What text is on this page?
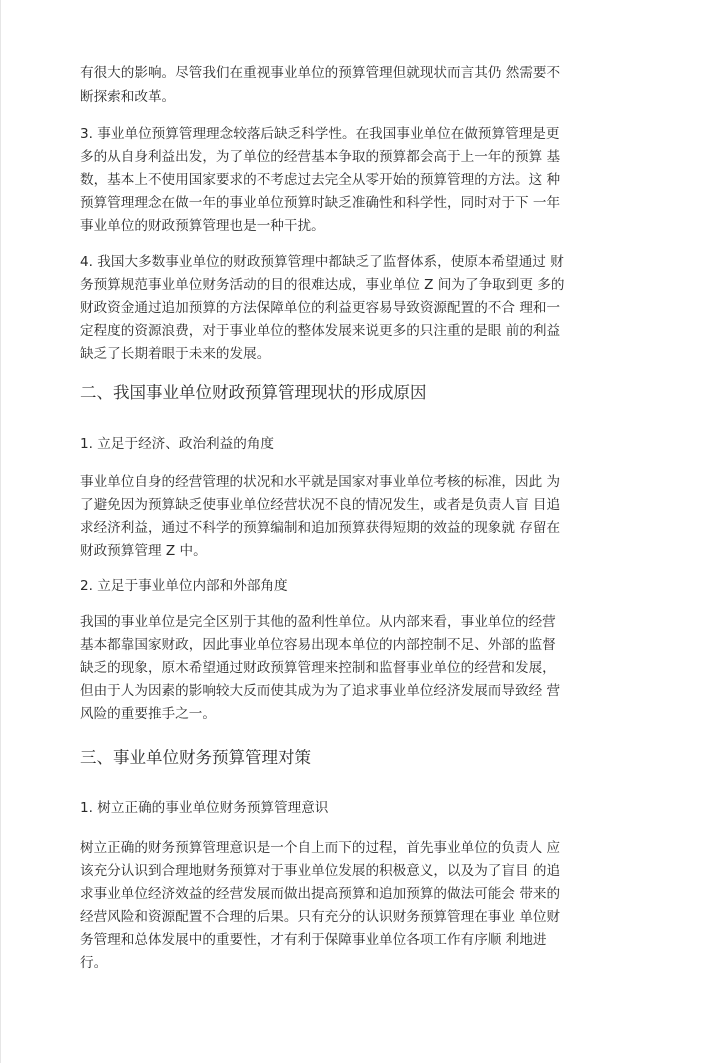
有很大的影响。尽管我们在重视事业单位的预算管理但就现状而言其仍 然需要不
断探索和改革。
3. 事业单位预算管理理念较落后缺乏科学性。在我国事业单位在做预算管理是更
多的从自身利益出发，为了单位的经营基本争取的预算都会高于上一年的预算 基
数，基本上不使用国家要求的不考虑过去完全从零开始的预算管理的方法。这 种
预算管理理念在做一年的事业单位预算时缺乏准确性和科学性，同时对于下 一年
事业单位的财政预算管理也是一种干扰。
4. 我国大多数事业单位的财政预算管理中都缺乏了监督体系，使原本希望通过 财
务预算规范事业单位财务活动的目的很难达成，事业单位 Z 间为了争取到更 多的
财政资金通过追加预算的方法保障单位的利益更容易导致资源配置的不合 理和一
定程度的资源浪费，对于事业单位的整体发展来说更多的只注重的是眼 前的利益
缺乏了长期着眼于未来的发展。
二、我国事业单位财政预算管理现状的形成原因
1. 立足于经济、政治利益的角度
事业单位自身的经营管理的状况和水平就是国家对事业单位考核的标准，因此 为
了避免因为预算缺乏使事业单位经营状况不良的情况发生，或者是负责人盲 目追
求经济利益，通过不科学的预算编制和追加预算获得短期的效益的现象就 存留在
财政预算管理 Z 中。
2. 立足于事业单位内部和外部角度
我国的事业单位是完全区别于其他的盈利性单位。从内部来看，事业单位的经营
基本都靠国家财政，因此事业单位容易出现本单位的内部控制不足、外部的监督
缺乏的现象，原木希望通过财政预算管理来控制和监督事业单位的经营和发展，
但由于人为因素的影响较大反而使其成为为了追求事业单位经济发展而导致经 营
风险的重要推手之一。
三、事业单位财务预算管理对策
1. 树立正确的事业单位财务预算管理意识
树立正确的财务预算管理意识是一个自上而下的过程，首先事业单位的负责人 应
该充分认识到合理地财务预算对于事业单位发展的积极意义，以及为了盲目 的追
求事业单位经济效益的经营发展而做出提高预算和追加预算的做法可能会 带来的
经营风险和资源配置不合理的后果。只有充分的认识财务预算管理在事业 单位财
务管理和总体发展中的重要性，才有利于保障事业单位各项工作有序顺 利地进
行。
